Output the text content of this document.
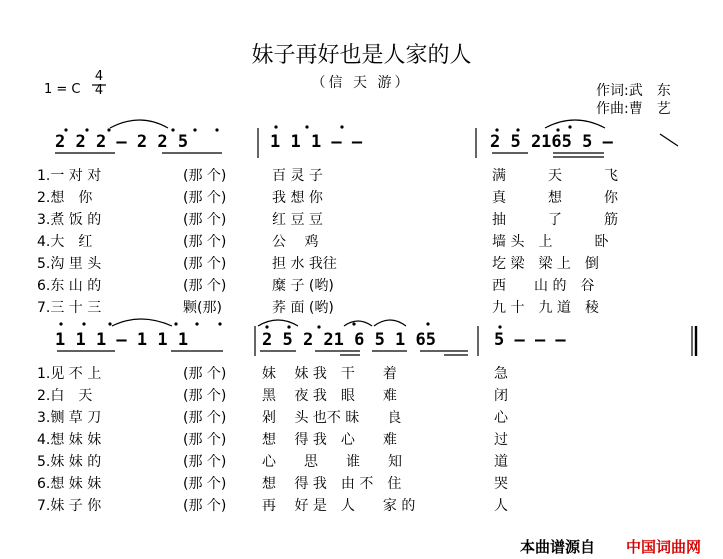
妹子再好也是人家的人
（信 天 游）
1 = C
4
4	作词:武　东
作曲:曹　艺
2 2 2 – 2 2 5	1 1 1 – –	2 5 2165 5 –
1 1 1 – 1 1 1	2 5 2 21 6 5 1 65	5 – – –
本曲谱源自 中国词曲网
1.一 对 对	(那 个)	百 灵 子	满　　　天　　　飞
2.想　你	(那 个)	我 想 你	真　　　想　　　你
3.煮 饭 的	(那 个)	红 豆 豆	抽　　　了　　　筋
4.大　红	(那 个)	公　 鸡	墙 头　上　　　卧
5.沟 里 头	(那 个)	担 水 我往	圪 梁　梁 上　倒
6.东 山 的	(那 个)	糜 子 (哟)	西　　山 的　谷
7.三 十 三	颗(那)	荞 面 (哟)	九 十　九 道　稜
1.见 不 上	(那 个)	妹　 妹 我　干　　着	急
2.白　天	(那 个)	黑　 夜 我　眼　　难	闭
3.铡 草 刀	(那 个)	剁　 头 也不 昧　　良	心
4.想 妹 妹	(那 个)	想　 得 我　心　　难	过
5.妹 妹 的	(那 个)	心　　思　　谁　　知	道
6.想 妹 妹	(那 个)	想　 得 我　由 不　住	哭
7.妹 子 你	(那 个)	再　 好 是　人　　家 的	人
